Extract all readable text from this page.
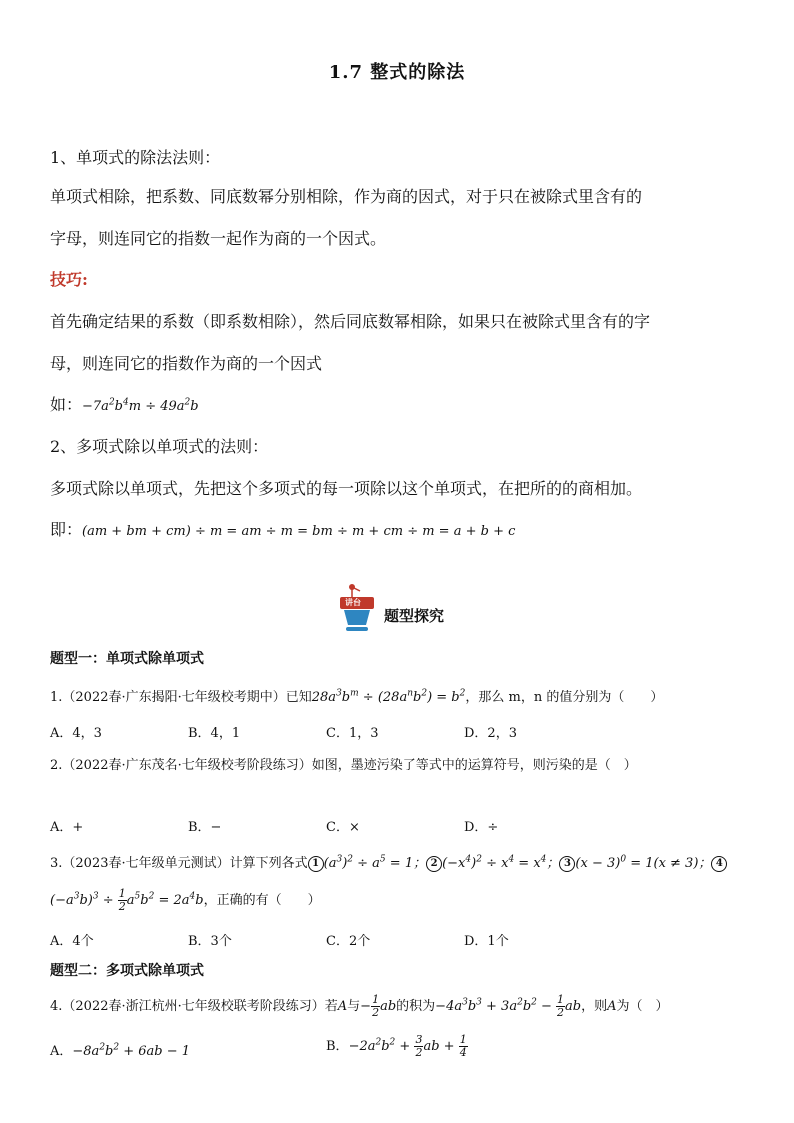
1.7 整式的除法
1、单项式的除法法则：
单项式相除，把系数、同底数幂分别相除，作为商的因式，对于只在被除式里含有的
字母，则连同它的指数一起作为商的一个因式。
技巧:
首先确定结果的系数（即系数相除），然后同底数幂相除，如果只在被除式里含有的字
母，则连同它的指数作为商的一个因式
如：$-7a^2b^4m \div 49a^2b$
2、多项式除以单项式的法则：
多项式除以单项式，先把这个多项式的每一项除以这个单项式，在把所的的商相加。
即：(am + bm + cm) ÷ m = am ÷ m = bm ÷ m + cm ÷ m = a + b + c
讲台
题型探究
题型一：单项式除单项式
1.（2022春·广东揭阳·七年级校考期中）已知$28a^3b^m \div (28a^nb^2) = b^2$，那么 m，n 的值分别为（　　）
A．4，3	B．4，1	C．1，3	D．2，3
2.（2022春·广东茂名·七年级校考阶段练习）如图，墨迹污染了等式中的运算符号，则污染的是（　）
A．+	B．−	C．×	D．÷
3.（2023春·七年级单元测试）计算下列各式 1 $(a^3)^2 \div a^5 = 1$； 2 $(-x^4)^2 \div x^4 = x^4$； 3 $(x - 3)^0 = 1(x \ne 3)$； 4
$(-a^3b)^3 \div \frac{1}{2} a^5b^2 = 2a^4b$，正确的有（　　）
A．4个	B．3个	C．2个	D．1个
题型二：多项式除单项式
4.（2022春·浙江杭州·七年级校联考阶段练习）若A与− $\frac{1}{2}$ ab的积为$-4a^3b^3 + 3a^2b^2 - \frac{1}{2}$ ab，则A为（　）
A．$-8a^2b^2 + 6ab - 1$	B．$-2a^2b^2 + \frac{3}{2}$ ab + $\frac{1}{4}$
